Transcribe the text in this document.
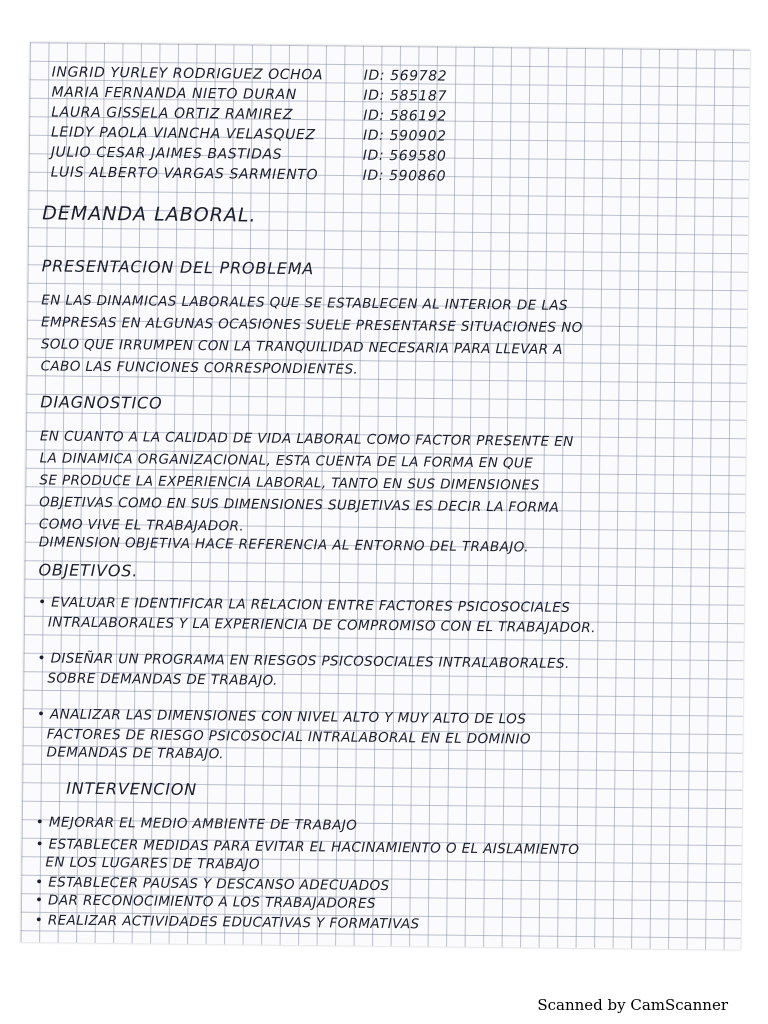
INGRID YURLEY RODRIGUEZ OCHOA
MARIA FERNANDA NIETO DURAN
LAURA GISSELA ORTIZ RAMIREZ
LEIDY PAOLA VIANCHA VELASQUEZ
JULIO CESAR JAIMES BASTIDAS
LUIS ALBERTO VARGAS SARMIENTO
ID: 569782
ID: 585187
ID: 586192
ID: 590902
ID: 569580
ID: 590860
DEMANDA LABORAL.
PRESENTACION DEL PROBLEMA
EN LAS DINAMICAS LABORALES QUE SE ESTABLECEN AL INTERIOR DE LAS
EMPRESAS EN ALGUNAS OCASIONES SUELE PRESENTARSE SITUACIONES NO
SOLO QUE IRRUMPEN CON LA TRANQUILIDAD NECESARIA PARA LLEVAR A
CABO LAS FUNCIONES CORRESPONDIENTES.
DIAGNOSTICO
EN CUANTO A LA CALIDAD DE VIDA LABORAL COMO FACTOR PRESENTE EN
LA DINAMICA ORGANIZACIONAL, ESTA CUENTA DE LA FORMA EN QUE
SE PRODUCE LA EXPERIENCIA LABORAL, TANTO EN SUS DIMENSIONES
OBJETIVAS COMO EN SUS DIMENSIONES SUBJETIVAS ES DECIR LA FORMA
COMO VIVE EL TRABAJADOR.
DIMENSION OBJETIVA HACE REFERENCIA AL ENTORNO DEL TRABAJO.
OBJETIVOS.
• EVALUAR E IDENTIFICAR LA RELACION ENTRE FACTORES PSICOSOCIALES
INTRALABORALES Y LA EXPERIENCIA DE COMPROMISO CON EL TRABAJADOR.
• DISEÑAR UN PROGRAMA EN RIESGOS PSICOSOCIALES INTRALABORALES.
SOBRE DEMANDAS DE TRABAJO.
• ANALIZAR LAS DIMENSIONES CON NIVEL ALTO Y MUY ALTO DE LOS
FACTORES DE RIESGO PSICOSOCIAL INTRALABORAL EN EL DOMINIO
DEMANDAS DE TRABAJO.
INTERVENCION
• MEJORAR EL MEDIO AMBIENTE DE TRABAJO
• ESTABLECER MEDIDAS PARA EVITAR EL HACINAMIENTO O EL AISLAMIENTO
EN LOS LUGARES DE TRABAJO
• ESTABLECER PAUSAS Y DESCANSO ADECUADOS
• DAR RECONOCIMIENTO A LOS TRABAJADORES
• REALIZAR ACTIVIDADES EDUCATIVAS Y FORMATIVAS
Scanned by CamScanner
